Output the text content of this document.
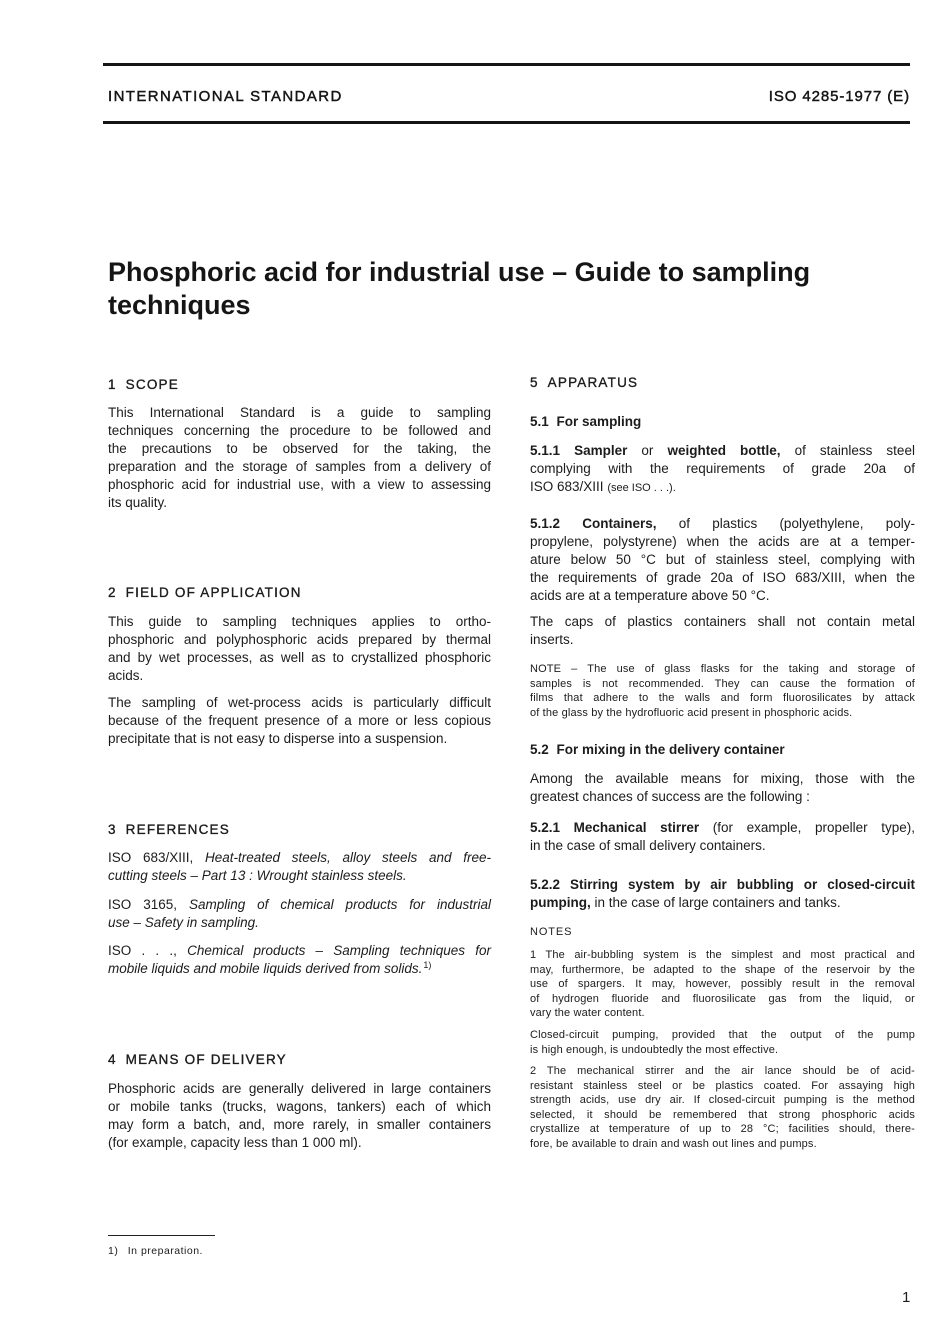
INTERNATIONAL STANDARD	ISO 4285-1977 (E)
Phosphoric acid for industrial use – Guide to sampling
techniques
1 SCOPE
This International Standard is a guide to sampling
techniques concerning the procedure to be followed and
the precautions to be observed for the taking, the
preparation and the storage of samples from a delivery of
phosphoric acid for industrial use, with a view to assessing
its quality.
2 FIELD OF APPLICATION
This guide to sampling techniques applies to ortho-
phosphoric and polyphosphoric acids prepared by thermal
and by wet processes, as well as to crystallized phosphoric
acids.
The sampling of wet-process acids is particularly difficult
because of the frequent presence of a more or less copious
precipitate that is not easy to disperse into a suspension.
3 REFERENCES
ISO 683/XIII, Heat-treated steels, alloy steels and free-
cutting steels – Part 13 : Wrought stainless steels.
ISO 3165, Sampling of chemical products for industrial
use – Safety in sampling.
ISO . . ., Chemical products – Sampling techniques for
mobile liquids and mobile liquids derived from solids.$^{1)}$
4 MEANS OF DELIVERY
Phosphoric acids are generally delivered in large containers
or mobile tanks (trucks, wagons, tankers) each of which
may form a batch, and, more rarely, in smaller containers
(for example, capacity less than 1 000 ml).
5 APPARATUS
5.1 For sampling
5.1.1 Sampler or weighted bottle, of stainless steel
complying with the requirements of grade 20a of
ISO 683/XIII (see ISO . . .).
5.1.2 Containers, of plastics (polyethylene, poly-
propylene, polystyrene) when the acids are at a temper-
ature below 50 °C but of stainless steel, complying with
the requirements of grade 20a of ISO 683/XIII, when the
acids are at a temperature above 50 °C.
The caps of plastics containers shall not contain metal
inserts.
NOTE – The use of glass flasks for the taking and storage of
samples is not recommended. They can cause the formation of
films that adhere to the walls and form fluorosilicates by attack
of the glass by the hydrofluoric acid present in phosphoric acids.
5.2 For mixing in the delivery container
Among the available means for mixing, those with the
greatest chances of success are the following :
5.2.1 Mechanical stirrer (for example, propeller type),
in the case of small delivery containers.
5.2.2 Stirring system by air bubbling or closed-circuit
pumping, in the case of large containers and tanks.
NOTES
1 The air-bubbling system is the simplest and most practical and
may, furthermore, be adapted to the shape of the reservoir by the
use of spargers. It may, however, possibly result in the removal
of hydrogen fluoride and fluorosilicate gas from the liquid, or
vary the water content.
Closed-circuit pumping, provided that the output of the pump
is high enough, is undoubtedly the most effective.
2 The mechanical stirrer and the air lance should be of acid-
resistant stainless steel or be plastics coated. For assaying high
strength acids, use dry air. If closed-circuit pumping is the method
selected, it should be remembered that strong phosphoric acids
crystallize at temperature of up to 28 °C; facilities should, there-
fore, be available to drain and wash out lines and pumps.
1) In preparation.
1
